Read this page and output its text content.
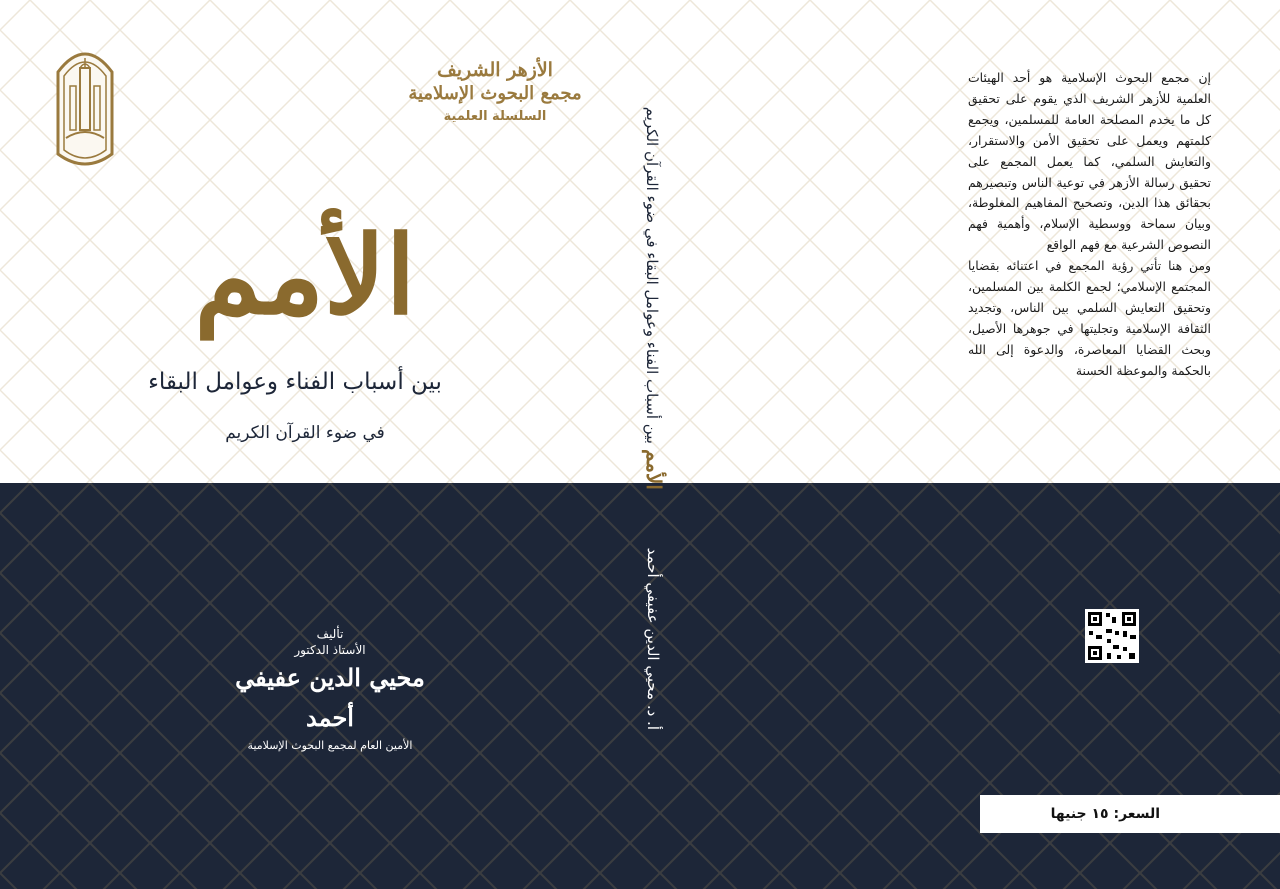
الأزهر الشريف
مجمع البحوث الإسلامية
السلسلة العلمية
الأمم
بين أسباب الفناء وعوامل البقاء
في ضوء القرآن الكريم
الأمم بين أسباب الفناء وعوامل البقاء في ضوء القرآن الكريم
أ. د. محيي الدين عفيفي أحمد

إن مجمع البحوث الإسلامية هو أحد الهيئات العلمية للأزهر الشريف الذي يقوم على تحقيق كل ما يخدم المصلحة العامة للمسلمين، ويجمع كلمتهم ويعمل على تحقيق الأمن والاستقرار، والتعايش السلمي، كما يعمل المجمع على تحقيق رسالة الأزهر في توعية الناس وتبصيرهم بحقائق هذا الدين، وتصحيح المفاهيم المغلوطة، وبيان سماحة ووسطية الإسلام، وأهمية فهم النصوص الشرعية مع فهم الواقع

ومن هنا تأتي رؤية المجمع في اعتنائه بقضايا المجتمع الإسلامي؛ لجمع الكلمة بين المسلمين، وتحقيق التعايش السلمي بين الناس، وتجديد الثقافة الإسلامية وتجليتها في جوهرها الأصيل، وبحث القضايا المعاصرة، والدعوة إلى الله بالحكمة والموعظة الحسنة

تأليف
الأستاذ الدكتور
محيي الدين عفيفي أحمد
الأمين العام لمجمع البحوث الإسلامية
السعر: ١٥ جنيها
